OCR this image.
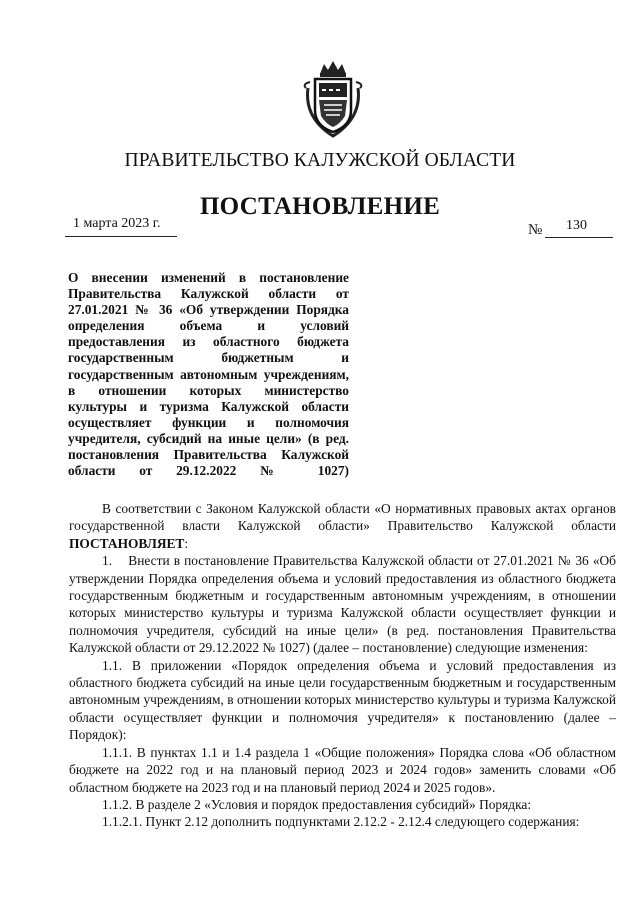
ПРАВИТЕЛЬСТВО КАЛУЖСКОЙ ОБЛАСТИ
ПОСТАНОВЛЕНИЕ
1 марта 2023 г.	№ 130
О внесении изменений в постановление Правительства Калужской области от 27.01.2021 № 36 «Об утверждении Порядка определения объема и условий предоставления из областного бюджета государственным бюджетным и государственным автономным учреждениям, в отношении которых министерство культуры и туризма Калужской области осуществляет функции и полномочия учредителя, субсидий на иные цели» (в ред. постановления Правительства Калужской области от 29.12.2022 № 1027)

В соответствии с Законом Калужской области «О нормативных правовых актах органов государственной власти Калужской области» Правительство Калужской области ПОСТАНОВЛЯЕТ:

1.    Внести в постановление Правительства Калужской области от 27.01.2021 № 36 «Об утверждении Порядка определения объема и условий предоставления из областного бюджета государственным бюджетным и государственным автономным учреждениям, в отношении которых министерство культуры и туризма Калужской области осуществляет функции и полномочия учредителя, субсидий на иные цели» (в ред. постановления Правительства Калужской области от 29.12.2022 № 1027) (далее – постановление) следующие изменения:

1.1. В приложении «Порядок определения объема и условий предоставления из областного бюджета субсидий на иные цели государственным бюджетным и государственным автономным учреждениям, в отношении которых министерство культуры и туризма Калужской области осуществляет функции и полномочия учредителя» к постановлению (далее – Порядок):

1.1.1. В пунктах 1.1 и 1.4 раздела 1 «Общие положения» Порядка слова «Об областном бюджете на 2022 год и на плановый период 2023 и 2024 годов» заменить словами «Об областном бюджете на 2023 год и на плановый период 2024 и 2025 годов».

1.1.2. В разделе 2 «Условия и порядок предоставления субсидий» Порядка:

1.1.2.1. Пункт 2.12 дополнить подпунктами 2.12.2 - 2.12.4 следующего содержания:
